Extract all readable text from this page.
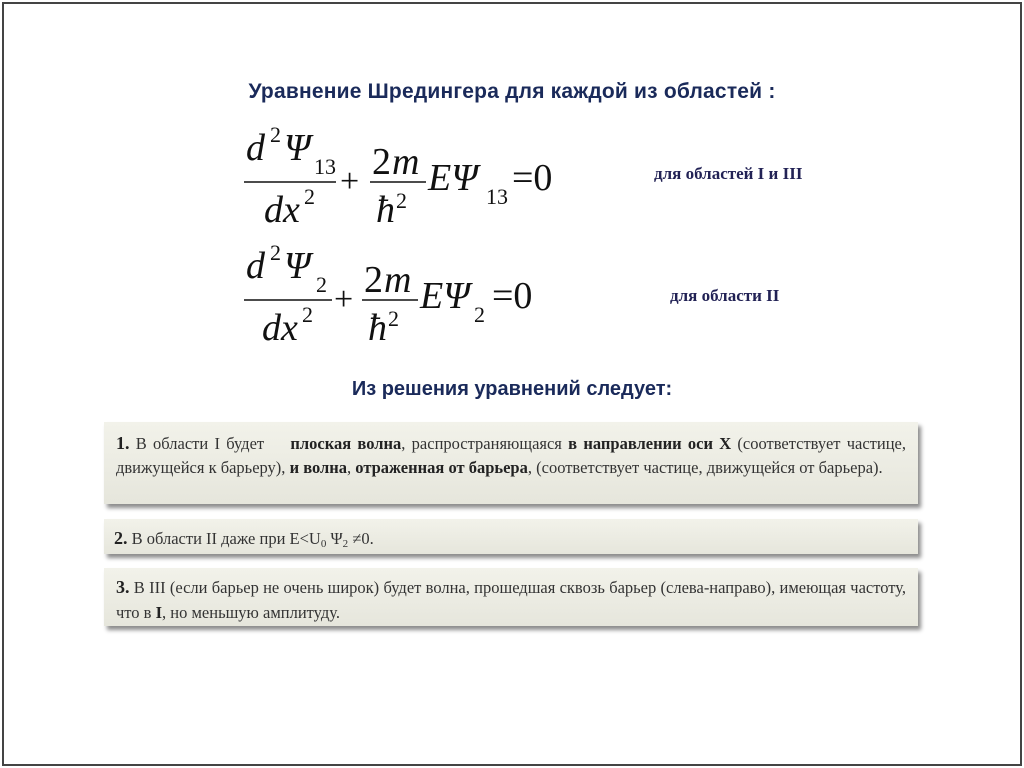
Уравнение Шредингера для каждой из областей :
d 2 Ψ 13
dx 2 + 2 m
ħ 2
EΨ 13 =0	для областей I и III
d 2 Ψ 2
dx 2 + 2 m
ħ 2
EΨ 2 =0	для области II
Из решения уравнений следует:
1. В области I будет плоская волна, распространяющаяся в направлении оси X (соответствует частице, движущейся к барьеру), и волна, отраженная от барьера, (соответствует частице, движущейся от барьера).
2. В области II даже при $E<U_0$ $\Psi_2 \ne 0$.
3. В III (если барьер не очень широк) будет волна, прошедшая сквозь барьер (слева-направо), имеющая частоту, что в I, но меньшую амплитуду.
